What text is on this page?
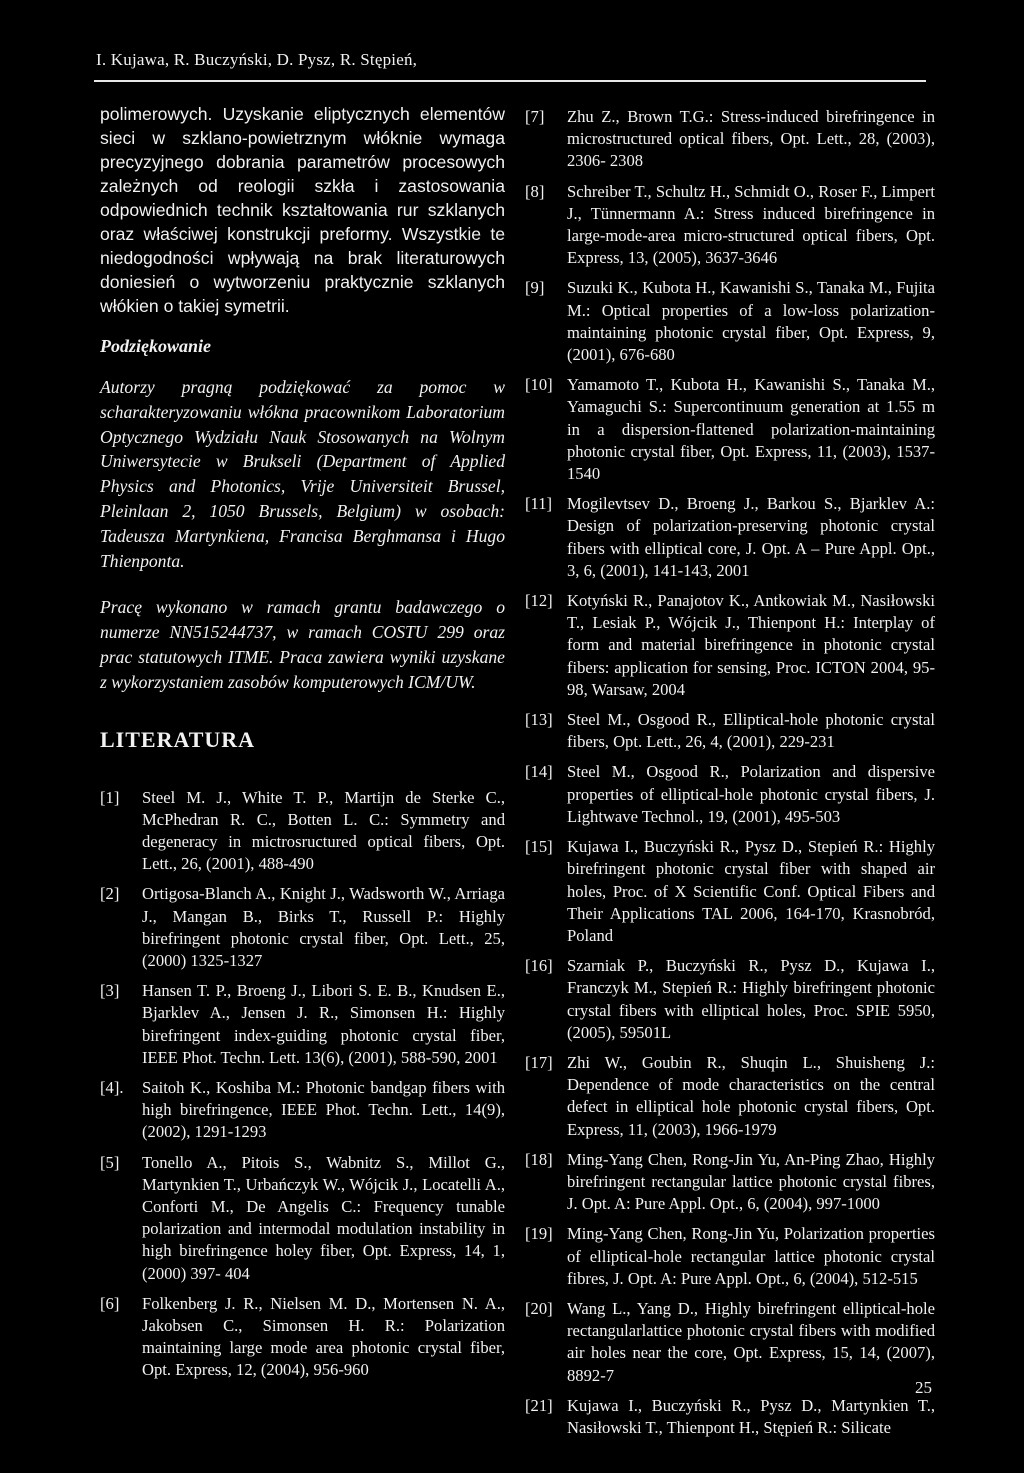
I. Kujawa, R. Buczyński, D. Pysz, R. Stępień,

polimerowych. Uzyskanie eliptycznych elementów sieci w szklano-powietrznym włóknie wymaga precyzyjnego dobrania parametrów procesowych zależnych od reologii szkła i zastosowania odpowiednich technik kształtowania rur szklanych oraz właściwej konstrukcji preformy. Wszystkie te niedogodności wpływają na brak literaturowych doniesień o wytworzeniu praktycznie szklanych włókien o takiej symetrii.

Podziękowanie

Autorzy pragną podziękować za pomoc w scharakteryzowaniu włókna pracownikom Laboratorium Optycznego Wydziału Nauk Stosowanych na Wolnym Uniwersytecie w Brukseli (Department of Applied Physics and Photonics, Vrije Universiteit Brussel, Pleinlaan 2, 1050 Brussels, Belgium) w osobach: Tadeusza Martynkiena, Francisa Berghmansa i Hugo Thienponta.

Pracę wykonano w ramach grantu badawczego o numerze NN515244737, w ramach COSTU 299 oraz prac statutowych ITME. Praca zawiera wyniki uzyskane z wykorzystaniem zasobów komputerowych ICM/UW.

LITERATURA
[1]	Steel M. J., White T. P., Martijn de Sterke C., McPhedran R. C., Botten L. C.: Symmetry and degeneracy in mictrosructured optical fibers, Opt. Lett., 26, (2001), 488-490
[2]	Ortigosa-Blanch A., Knight J., Wadsworth W., Arriaga J., Mangan B., Birks T., Russell P.: Highly birefringent photonic crystal fiber, Opt. Lett., 25, (2000) 1325-1327
[3]	Hansen T. P., Broeng J., Libori S. E. B., Knudsen E., Bjarklev A., Jensen J. R., Simonsen H.: Highly birefringent index-guiding photonic crystal fiber, IEEE Phot. Techn. Lett. 13(6), (2001), 588-590, 2001
[4].	Saitoh K., Koshiba M.: Photonic bandgap fibers with high birefringence, IEEE Phot. Techn. Lett., 14(9), (2002), 1291-1293
[5]	Tonello A., Pitois S., Wabnitz S., Millot G., Martynkien T., Urbańczyk W., Wójcik J., Locatelli A., Conforti M., De Angelis C.: Frequency tunable polarization and intermodal modulation instability in high birefringence holey fiber, Opt. Express, 14, 1, (2000) 397- 404
[6]	Folkenberg J. R., Nielsen M. D., Mortensen N. A., Jakobsen C., Simonsen H. R.: Polarization maintaining large mode area photonic crystal fiber, Opt. Express, 12, (2004), 956-960
[7]	Zhu Z., Brown T.G.: Stress-induced birefringence in microstructured optical fibers, Opt. Lett., 28, (2003), 2306- 2308
[8]	Schreiber T., Schultz H., Schmidt O., Roser F., Limpert J., Tünnermann A.: Stress induced birefringence in large-mode-area micro-structured optical fibers, Opt. Express, 13, (2005), 3637-3646
[9]	Suzuki K., Kubota H., Kawanishi S., Tanaka M., Fujita M.: Optical properties of a low-loss polarization-maintaining photonic crystal fiber, Opt. Express, 9, (2001), 676-680
[10] Yamamoto T., Kubota H., Kawanishi S., Tanaka M., Yamaguchi S.: Supercontinuum generation at 1.55 m in a dispersion-flattened polarization-maintaining photonic crystal fiber, Opt. Express, 11, (2003), 1537-1540
[11] Mogilevtsev D., Broeng J., Barkou S., Bjarklev A.: Design of polarization-preserving photonic crystal fibers with elliptical core, J. Opt. A – Pure Appl. Opt., 3, 6, (2001), 141-143, 2001
[12] Kotyński R., Panajotov K., Antkowiak M., Nasiłowski T., Lesiak P., Wójcik J., Thienpont H.: Interplay of form and material birefringence in photonic crystal fibers: application for sensing, Proc. ICTON 2004, 95-98, Warsaw, 2004
[13] Steel M., Osgood R., Elliptical-hole photonic crystal fibers, Opt. Lett., 26, 4, (2001), 229-231
[14] Steel M., Osgood R., Polarization and dispersive properties of elliptical-hole photonic crystal fibers, J. Lightwave Technol., 19, (2001), 495-503
[15] Kujawa I., Buczyński R., Pysz D., Stepień R.: Highly birefringent photonic crystal fiber with shaped air holes, Proc. of X Scientific Conf. Optical Fibers and Their Applications TAL 2006, 164-170, Krasnobród, Poland
[16] Szarniak P., Buczyński R., Pysz D., Kujawa I., Franczyk M., Stepień R.: Highly birefringent photonic crystal fibers with elliptical holes, Proc. SPIE 5950, (2005), 59501L
[17] Zhi W., Goubin R., Shuqin L., Shuisheng J.: Dependence of mode characteristics on the central defect in elliptical hole photonic crystal fibers, Opt. Express, 11, (2003), 1966-1979
[18] Ming-Yang Chen, Rong-Jin Yu, An-Ping Zhao, Highly birefringent rectangular lattice photonic crystal fibres, J. Opt. A: Pure Appl. Opt., 6, (2004), 997-1000
[19] Ming-Yang Chen, Rong-Jin Yu, Polarization properties of elliptical-hole rectangular lattice photonic crystal fibres, J. Opt. A: Pure Appl. Opt., 6, (2004), 512-515
[20] Wang L., Yang D., Highly birefringent elliptical-hole rectangularlattice photonic crystal fibers with modified air holes near the core, Opt. Express, 15, 14, (2007), 8892-7
[21] Kujawa I., Buczyński R., Pysz D., Martynkien T., Nasiłowski T., Thienpont H., Stępień R.: Silicate
25
